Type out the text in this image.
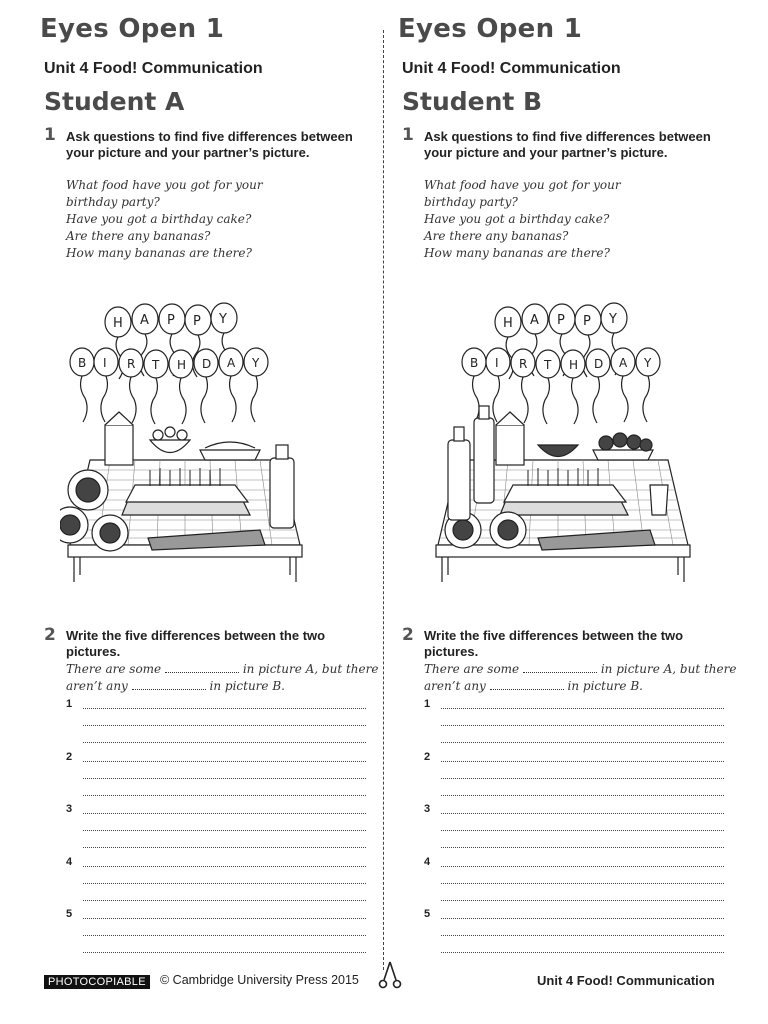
Eyes Open 1
Unit 4 Food! Communication
Student A
1 Ask questions to find five differences between your picture and your partner’s picture.
What food have you got for your
birthday party?
Have you got a birthday cake?
Are there any bananas?
How many bananas are there?
H A P P Y
B I R T H D A Y
2 Write the five differences between the two pictures.
There are some	in picture A, but there
aren’t any	in picture B.
1
2
3
4
5
Eyes Open 1
Unit 4 Food! Communication
Student B
1 Ask questions to find five differences between your picture and your partner’s picture.
What food have you got for your
birthday party?
Have you got a birthday cake?
Are there any bananas?
How many bananas are there?
H A P P Y
B I R T H D A Y
2 Write the five differences between the two pictures.
There are some	in picture A, but there
aren’t any	in picture B.
1
2
3
4
5
PHOTOCOPIABLE	© Cambridge University Press 2015	Unit 4 Food! Communication
